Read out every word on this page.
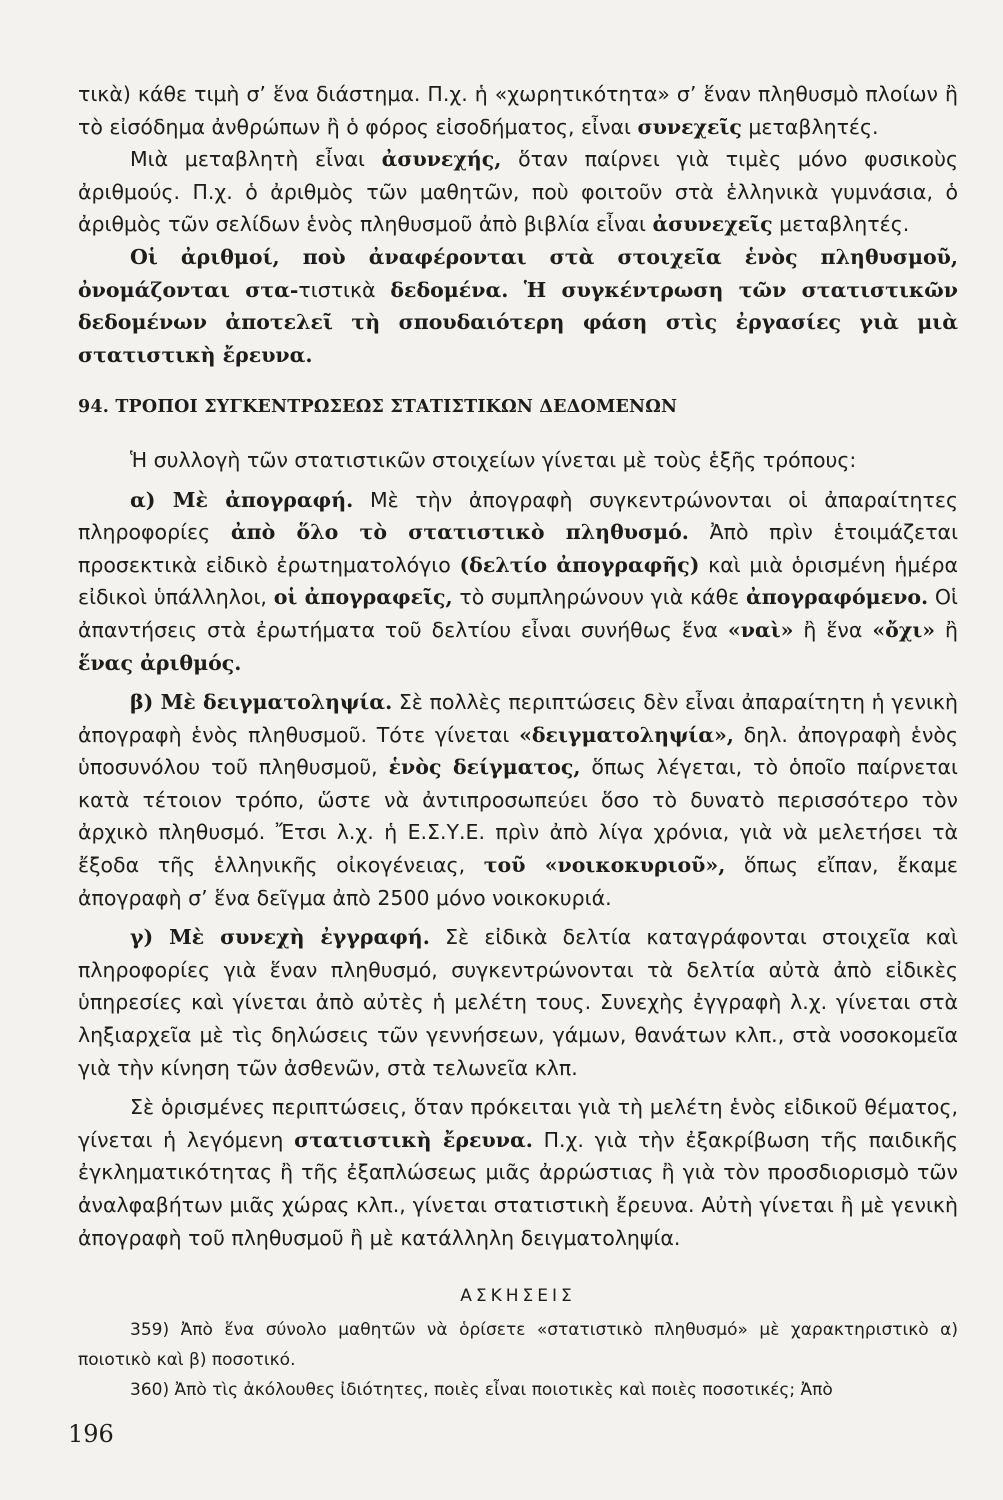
τικὰ) κάθε τιμὴ σ’ ἕνα διάστημα. Π.χ. ἡ «χωρητικότητα» σ’ ἕναν πληθυσμὸ πλοίων ἢ τὸ εἰσόδημα ἀνθρώπων ἢ ὁ φόρος εἰσοδήματος, εἶναι συνεχεῖς μεταβλητές.

Μιὰ μεταβλητὴ εἶναι ἀσυνεχής, ὅταν παίρνει γιὰ τιμὲς μόνο φυσικοὺς ἀριθμούς. Π.χ. ὁ ἀριθμὸς τῶν μαθητῶν, ποὺ φοιτοῦν στὰ ἑλληνικὰ γυμνάσια, ὁ ἀριθμὸς τῶν σελίδων ἑνὸς πληθυσμοῦ ἀπὸ βιβλία εἶναι ἀσυνεχεῖς μεταβλητές.

Οἱ ἀριθμοί, ποὺ ἀναφέρονται στὰ στοιχεῖα ἑνὸς πληθυσμοῦ, ὀνομάζονται στα-τιστικὰ δεδομένα. Ἡ συγκέντρωση τῶν στατιστικῶν δεδομένων ἀποτελεῖ τὴ σπουδαιότερη φάση στὶς ἐργασίες γιὰ μιὰ στατιστικὴ ἔρευνα.

94. ΤΡΟΠΟΙ ΣΥΓΚΕΝΤΡΩΣΕΩΣ ΣΤΑΤΙΣΤΙΚΩΝ ΔΕΔΟΜΕΝΩΝ

Ἡ συλλογὴ τῶν στατιστικῶν στοιχείων γίνεται μὲ τοὺς ἑξῆς τρόπους:

α) Μὲ ἀπογραφή. Μὲ τὴν ἀπογραφὴ συγκεντρώνονται οἱ ἀπαραίτητες πληροφορίες ἀπὸ ὅλο τὸ στατιστικὸ πληθυσμό. Ἀπὸ πρὶν ἑτοιμάζεται προσεκτικὰ εἰδικὸ ἐρωτηματολόγιο (δελτίο ἀπογραφῆς) καὶ μιὰ ὁρισμένη ἡμέρα εἰδικοὶ ὑπάλληλοι, οἱ ἀπογραφεῖς, τὸ συμπληρώνουν γιὰ κάθε ἀπογραφόμενο. Οἱ ἀπαντήσεις στὰ ἐρωτήματα τοῦ δελτίου εἶναι συνήθως ἕνα «ναὶ» ἢ ἕνα «ὄχι» ἢ ἕνας ἀριθμός.

β) Μὲ δειγματοληψία. Σὲ πολλὲς περιπτώσεις δὲν εἶναι ἀπαραίτητη ἡ γενικὴ ἀπογραφὴ ἑνὸς πληθυσμοῦ. Τότε γίνεται «δειγματοληψία», δηλ. ἀπογραφὴ ἑνὸς ὑποσυνόλου τοῦ πληθυσμοῦ, ἑνὸς δείγματος, ὅπως λέγεται, τὸ ὁποῖο παίρνεται κατὰ τέτοιον τρόπο, ὥστε νὰ ἀντιπροσωπεύει ὅσο τὸ δυνατὸ περισσότερο τὸν ἀρχικὸ πληθυσμό. Ἔτσι λ.χ. ἡ Ε.Σ.Υ.Ε. πρὶν ἀπὸ λίγα χρόνια, γιὰ νὰ μελετήσει τὰ ἔξοδα τῆς ἑλληνικῆς οἰκογένειας, τοῦ «νοικοκυριοῦ», ὅπως εἴπαν, ἔκαμε ἀπογραφὴ σ’ ἕνα δεῖγμα ἀπὸ 2500 μόνο νοικοκυριά.

γ) Μὲ συνεχὴ ἐγγραφή. Σὲ εἰδικὰ δελτία καταγράφονται στοιχεῖα καὶ πληροφορίες γιὰ ἕναν πληθυσμό, συγκεντρώνονται τὰ δελτία αὐτὰ ἀπὸ εἰδικὲς ὑπηρεσίες καὶ γίνεται ἀπὸ αὐτὲς ἡ μελέτη τους. Συνεχὴς ἐγγραφὴ λ.χ. γίνεται στὰ ληξιαρχεῖα μὲ τὶς δηλώσεις τῶν γεννήσεων, γάμων, θανάτων κλπ., στὰ νοσοκομεῖα γιὰ τὴν κίνηση τῶν ἀσθενῶν, στὰ τελωνεῖα κλπ.

Σὲ ὁρισμένες περιπτώσεις, ὅταν πρόκειται γιὰ τὴ μελέτη ἑνὸς εἰδικοῦ θέματος, γίνεται ἡ λεγόμενη στατιστικὴ ἔρευνα. Π.χ. γιὰ τὴν ἐξακρίβωση τῆς παιδικῆς ἐγκληματικότητας ἢ τῆς ἐξαπλώσεως μιᾶς ἀρρώστιας ἢ γιὰ τὸν προσδιορισμὸ τῶν ἀναλφαβήτων μιᾶς χώρας κλπ., γίνεται στατιστικὴ ἔρευνα. Αὐτὴ γίνεται ἢ μὲ γενικὴ ἀπογραφὴ τοῦ πληθυσμοῦ ἢ μὲ κατάλληλη δειγματοληψία.

ΑΣΚΗΣΕΙΣ

359) Ἀπὸ ἕνα σύνολο μαθητῶν νὰ ὁρίσετε «στατιστικὸ πληθυσμό» μὲ χαρακτηριστικὸ α) ποιοτικὸ καὶ β) ποσοτικό.

360) Ἀπὸ τὶς ἀκόλουθες ἰδιότητες, ποιὲς εἶναι ποιοτικὲς καὶ ποιὲς ποσοτικές; Ἀπὸ

196
